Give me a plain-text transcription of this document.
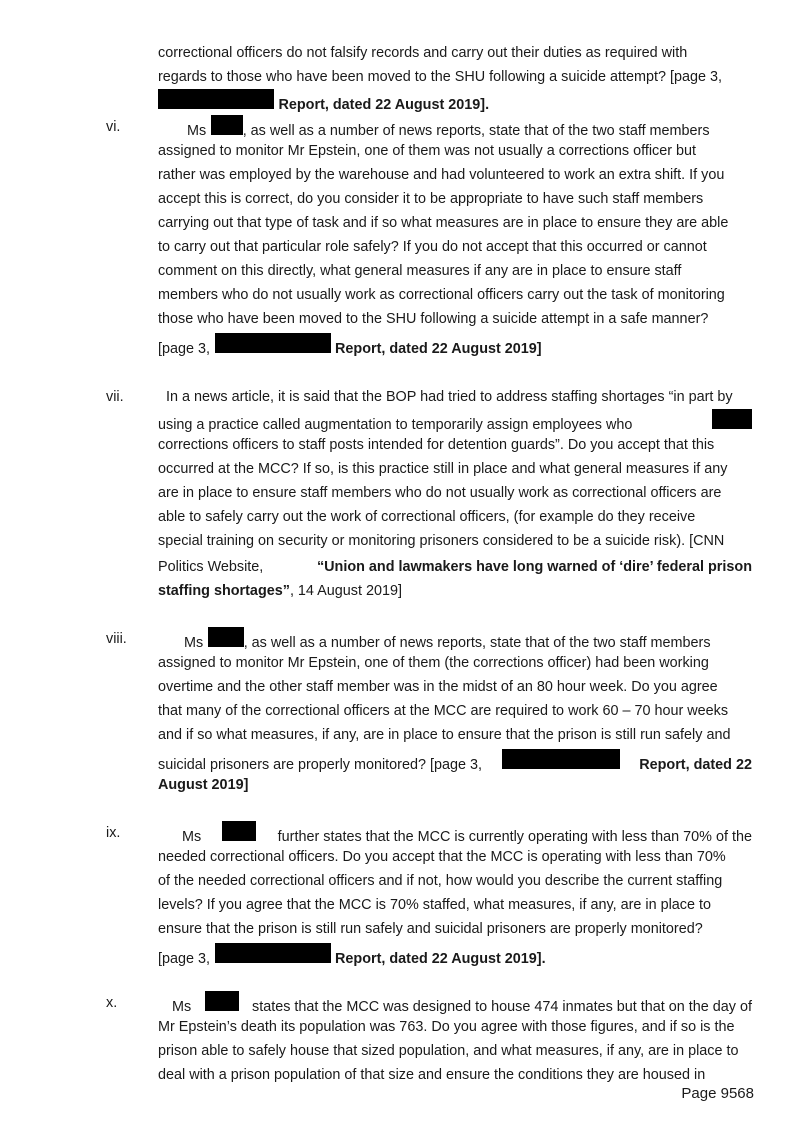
correctional officers do not falsify records and carry out their duties as required with
regards to those who have been moved to the SHU following a suicide attempt? [page 3,
Report, dated 22 August 2019].
vi.	Ms	, as well as a number of news reports, state that of the two staff members
assigned to monitor Mr Epstein, one of them was not usually a corrections officer but
rather was employed by the warehouse and had volunteered to work an extra shift. If you
accept this is correct, do you consider it to be appropriate to have such staff members
carrying out that type of task and if so what measures are in place to ensure they are able
to carry out that particular role safely? If you do not accept that this occurred or cannot
comment on this directly, what general measures if any are in place to ensure staff
members who do not usually work as correctional officers carry out the task of monitoring
those who have been moved to the SHU following a suicide attempt in a safe manner?
[page 3,	Report, dated 22 August 2019]
vii.	In a news article, it is said that the BOP had tried to address staffing shortages “in part by
using a practice called augmentation to temporarily assign employees who
corrections officers to staff posts intended for detention guards”. Do you accept that this
occurred at the MCC? If so, is this practice still in place and what general measures if any
are in place to ensure staff members who do not usually work as correctional officers are
able to safely carry out the work of correctional officers, (for example do they receive
special training on security or monitoring prisoners considered to be a suicide risk). [CNN
Politics Website,	“Union and lawmakers have long warned of ‘dire’ federal prison
staffing shortages” , 14 August 2019]
viii.	Ms	, as well as a number of news reports, state that of the two staff members
assigned to monitor Mr Epstein, one of them (the corrections officer) had been working
overtime and the other staff member was in the midst of an 80 hour week. Do you agree
that many of the correctional officers at the MCC are required to work 60 – 70 hour weeks
and if so what measures, if any, are in place to ensure that the prison is still run safely and
suicidal prisoners are properly monitored? [page 3,	Report, dated 22
August 2019]
ix.	Ms	further states that the MCC is currently operating with less than 70% of the
needed correctional officers. Do you accept that the MCC is operating with less than 70%
of the needed correctional officers and if not, how would you describe the current staffing
levels? If you agree that the MCC is 70% staffed, what measures, if any, are in place to
ensure that the prison is still run safely and suicidal prisoners are properly monitored?
[page 3,	Report, dated 22 August 2019].
x.	Ms	states that the MCC was designed to house 474 inmates but that on the day of
Mr Epstein’s death its population was 763. Do you agree with those figures, and if so is the
prison able to safely house that sized population, and what measures, if any, are in place to
deal with a prison population of that size and ensure the conditions they are housed in
Page 9568
